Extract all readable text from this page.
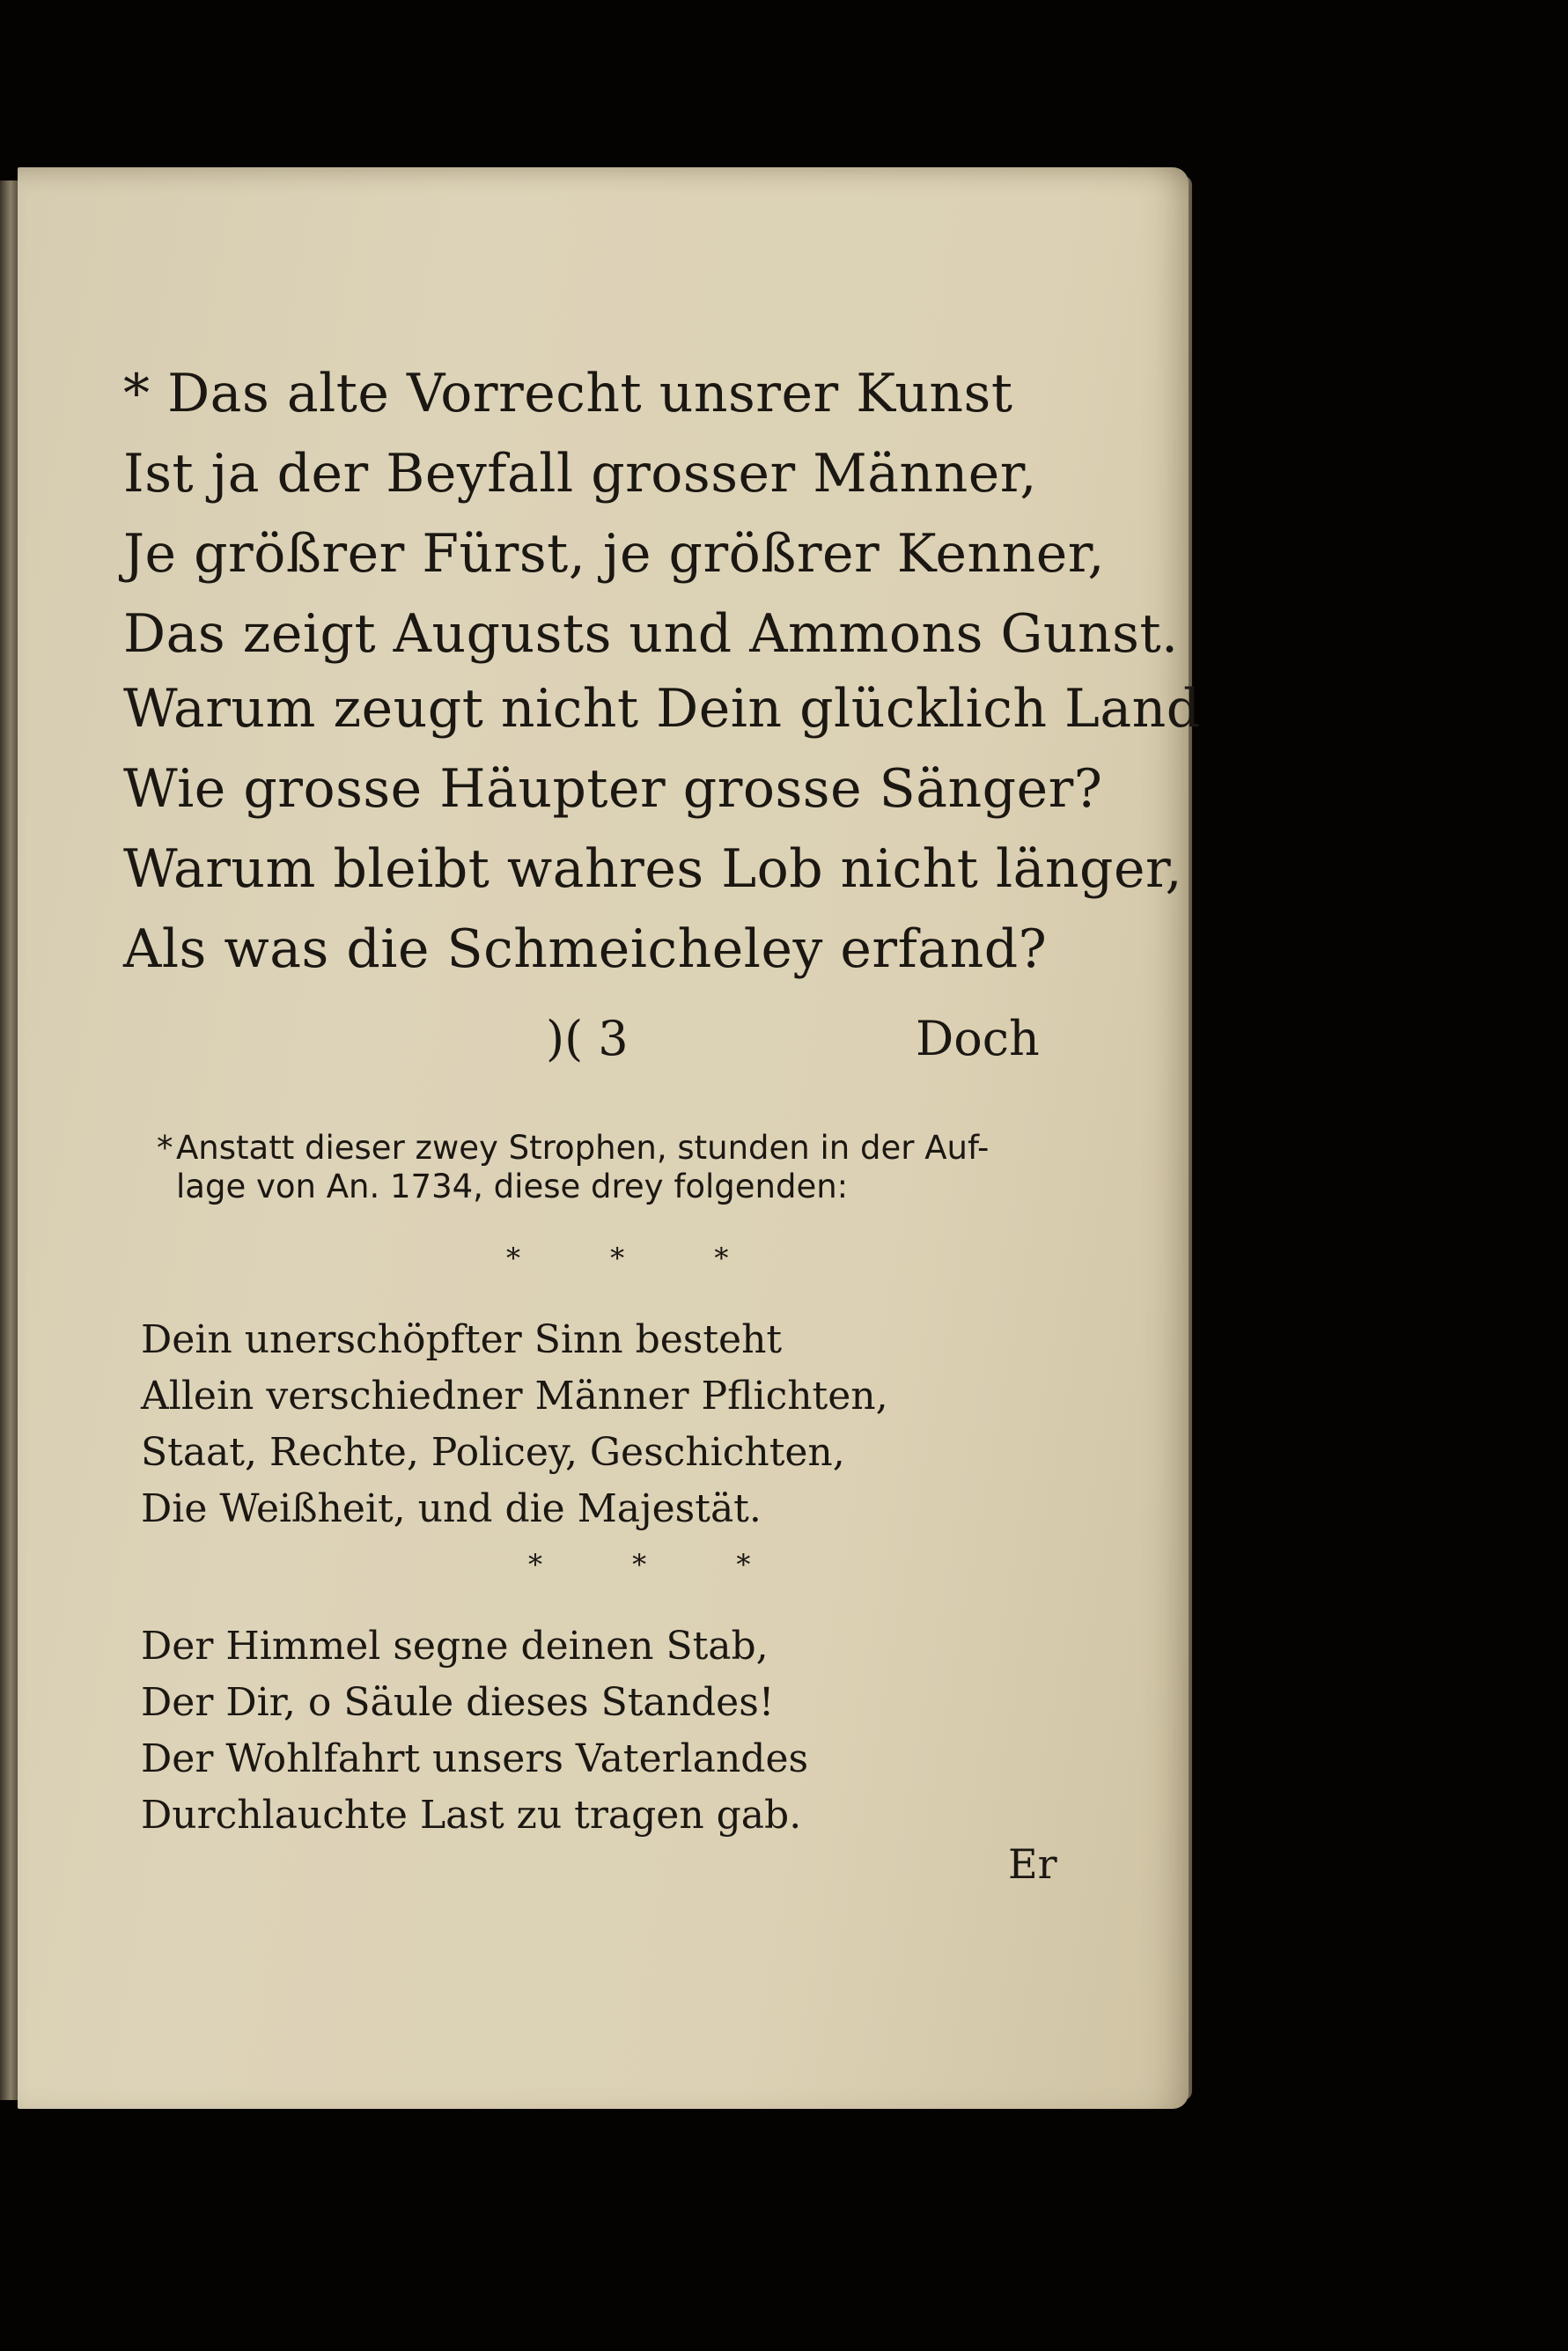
* Das alte Vorrecht unsrer Kunst
Ist ja der Beyfall grosser Männer,
Je größrer Fürst, je größrer Kenner,
Das zeigt Augusts und Ammons Gunst.
Warum zeugt nicht Dein glücklich Land
Wie grosse Häupter grosse Sänger?
Warum bleibt wahres Lob nicht länger,
Als was die Schmeicheley erfand?
)( 3	Doch
* Anstatt dieser zwey Strophen, stunden in der Auf-
lage von An. 1734, diese drey folgenden:
* * *
Dein unerschöpfter Sinn besteht
Allein verschiedner Männer Pflichten,
Staat, Rechte, Policey, Geschichten,
Die Weißheit, und die Majestät.
* * *
Der Himmel segne deinen Stab,
Der Dir, o Säule dieses Standes!
Der Wohlfahrt unsers Vaterlandes
Durchlauchte Last zu tragen gab.
Er
